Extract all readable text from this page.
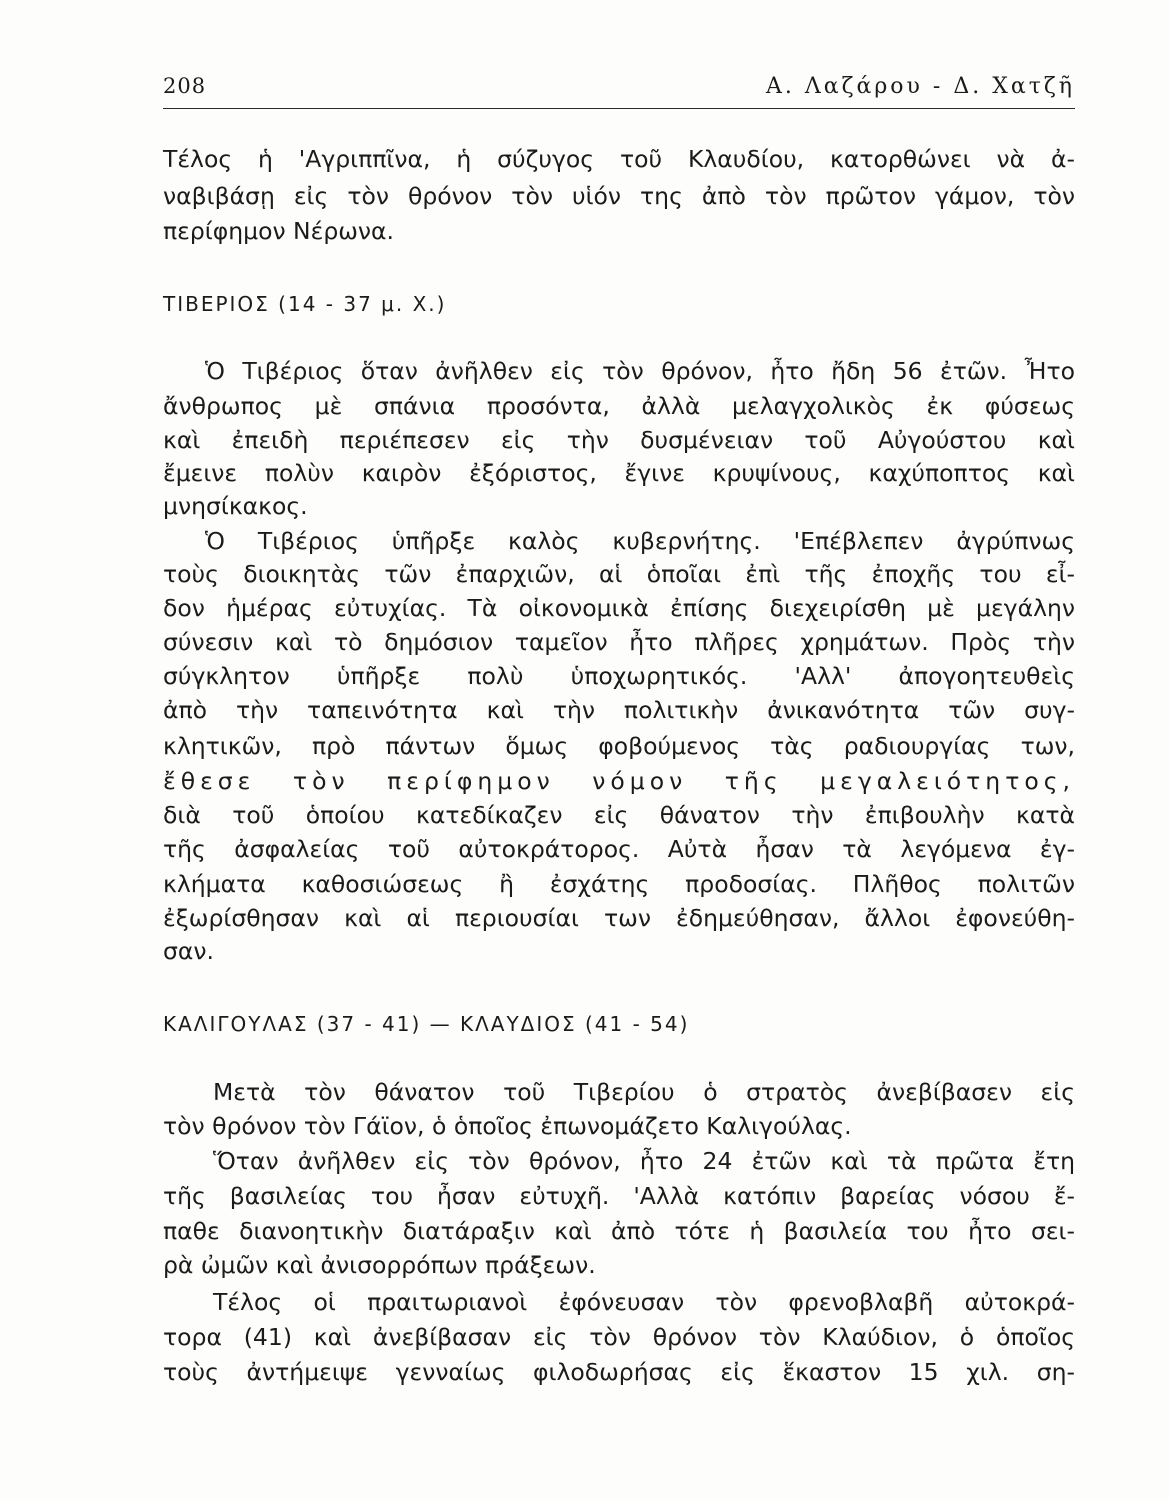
208	Α. Λαζάρου - Δ. Χατζῆ
Τέλος ἡ 'Αγριππῖνα, ἡ σύζυγος τοῦ Κλαυδίου, κατορθώνει νὰ ἀ-
ναβιβάσῃ εἰς τὸν θρόνον τὸν υἱόν της ἀπὸ τὸν πρῶτον γάμον, τὸν
περίφημον Νέρωνα.
ΤΙΒΕΡΙΟΣ (14 - 37 μ. Χ.)
Ὁ Τιβέριος ὅταν ἀνῆλθεν εἰς τὸν θρόνον, ἦτο ἤδη 56 ἐτῶν. Ἦτο
ἄνθρωπος μὲ σπάνια προσόντα, ἀλλὰ μελαγχολικὸς ἐκ φύσεως
καὶ ἐπειδὴ περιέπεσεν εἰς τὴν δυσμένειαν τοῦ Αὐγούστου καὶ
ἔμεινε πολὺν καιρὸν ἐξόριστος, ἔγινε κρυψίνους, καχύποπτος καὶ
μνησίκακος.
Ὁ Τιβέριος ὑπῆρξε καλὸς κυβερνήτης. 'Επέβλεπεν ἀγρύπνως
τοὺς διοικητὰς τῶν ἐπαρχιῶν, αἱ ὁποῖαι ἐπὶ τῆς ἐποχῆς του εἶ-
δον ἡμέρας εὐτυχίας. Τὰ οἰκονομικὰ ἐπίσης διεχειρίσθη μὲ μεγάλην
σύνεσιν καὶ τὸ δημόσιον ταμεῖον ἦτο πλῆρες χρημάτων. Πρὸς τὴν
σύγκλητον ὑπῆρξε πολὺ ὑποχωρητικός. 'Αλλ' ἀπογοητευθεὶς
ἀπὸ τὴν ταπεινότητα καὶ τὴν πολιτικὴν ἀνικανότητα τῶν συγ-
κλητικῶν, πρὸ πάντων ὅμως φοβούμενος τὰς ραδιουργίας των,
ἔθεσε τὸν περίφημον νόμον τῆς μεγαλειότητος,
διὰ τοῦ ὁποίου κατεδίκαζεν εἰς θάνατον τὴν ἐπιβουλὴν κατὰ
τῆς ἀσφαλείας τοῦ αὐτοκράτορος. Αὐτὰ ἦσαν τὰ λεγόμενα ἐγ-
κλήματα καθοσιώσεως ἢ ἐσχάτης προδοσίας. Πλῆθος πολιτῶν
ἐξωρίσθησαν καὶ αἱ περιουσίαι των ἐδημεύθησαν, ἄλλοι ἐφονεύθη-
σαν.
ΚΑΛΙΓΟΥΛΑΣ (37 - 41) — ΚΛΑΥΔΙΟΣ (41 - 54)
Μετὰ τὸν θάνατον τοῦ Τιβερίου ὁ στρατὸς ἀνεβίβασεν εἰς
τὸν θρόνον τὸν Γάϊον, ὁ ὁποῖος ἐπωνομάζετο Καλιγούλας.
Ὅταν ἀνῆλθεν εἰς τὸν θρόνον, ἦτο 24 ἐτῶν καὶ τὰ πρῶτα ἔτη
τῆς βασιλείας του ἦσαν εὐτυχῆ. 'Αλλὰ κατόπιν βαρείας νόσου ἔ-
παθε διανοητικὴν διατάραξιν καὶ ἀπὸ τότε ἡ βασιλεία του ἦτο σει-
ρὰ ὠμῶν καὶ ἀνισορρόπων πράξεων.
Τέλος οἱ πραιτωριανοὶ ἐφόνευσαν τὸν φρενοβλαβῆ αὐτοκρά-
τορα (41) καὶ ἀνεβίβασαν εἰς τὸν θρόνον τὸν Κλαύδιον, ὁ ὁποῖος
τοὺς ἀντήμειψε γενναίως φιλοδωρήσας εἰς ἕκαστον 15 χιλ. ση-
